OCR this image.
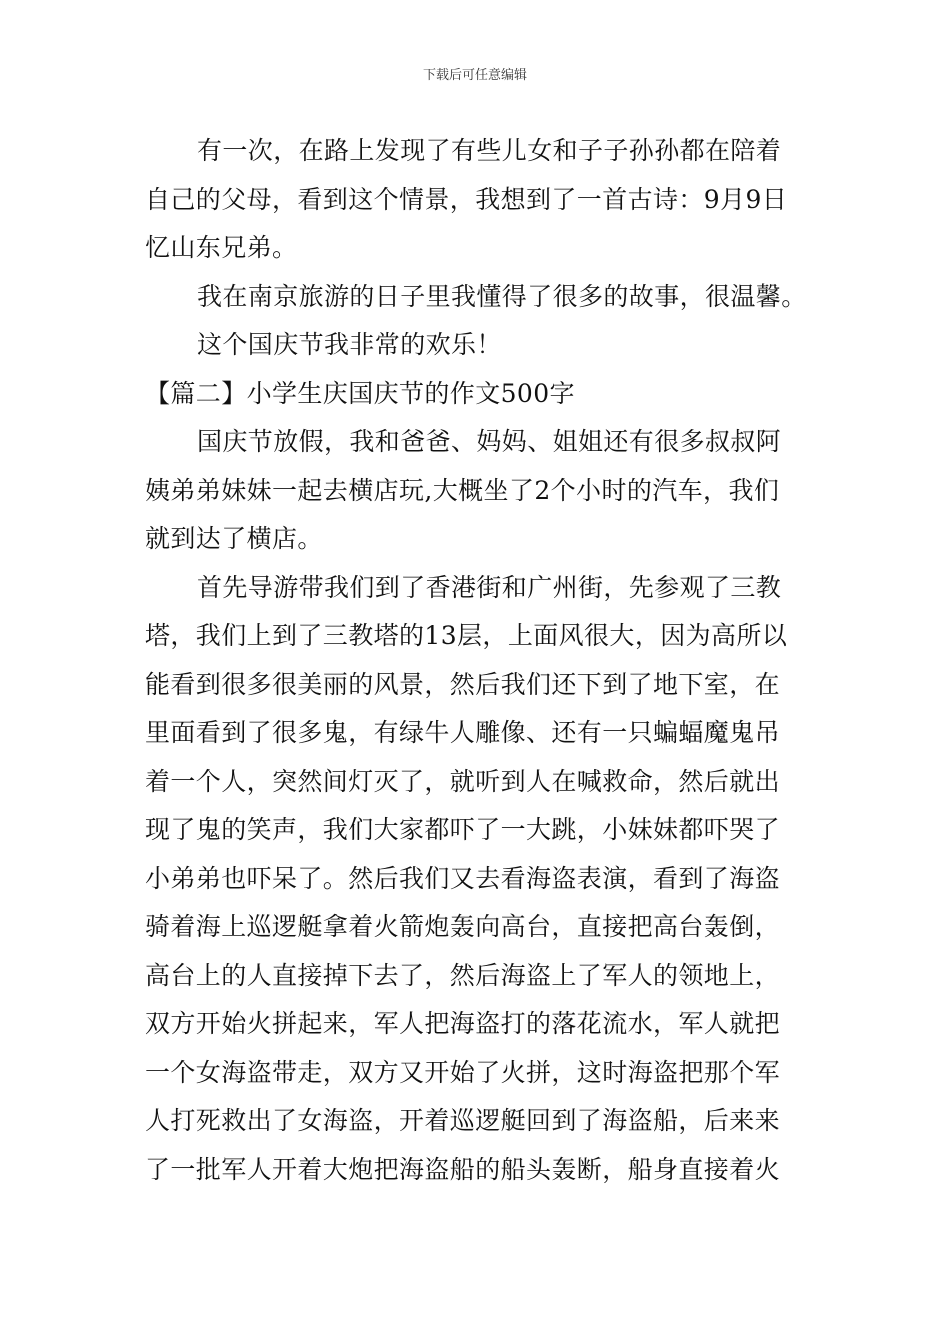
下载后可任意编辑

有一次，在路上发现了有些儿女和子子孙孙都在陪着
自己的父母，看到这个情景，我想到了一首古诗：9月9日
忆山东兄弟。

我在南京旅游的日子里我懂得了很多的故事，很温馨。

这个国庆节我非常的欢乐！

【篇二】小学生庆国庆节的作文500字

国庆节放假，我和爸爸、妈妈、姐姐还有很多叔叔阿
姨弟弟妹妹一起去横店玩,大概坐了2个小时的汽车，我们
就到达了横店。

首先导游带我们到了香港街和广州街，先参观了三教
塔，我们上到了三教塔的13层，上面风很大，因为高所以
能看到很多很美丽的风景，然后我们还下到了地下室，在
里面看到了很多鬼，有绿牛人雕像、还有一只蝙蝠魔鬼吊
着一个人，突然间灯灭了，就听到人在喊救命，然后就出
现了鬼的笑声，我们大家都吓了一大跳，小妹妹都吓哭了
小弟弟也吓呆了。然后我们又去看海盗表演，看到了海盗
骑着海上巡逻艇拿着火箭炮轰向高台，直接把高台轰倒，
高台上的人直接掉下去了，然后海盗上了军人的领地上，
双方开始火拼起来，军人把海盗打的落花流水，军人就把
一个女海盗带走，双方又开始了火拼，这时海盗把那个军
人打死救出了女海盗，开着巡逻艇回到了海盗船，后来来
了一批军人开着大炮把海盗船的船头轰断，船身直接着火
